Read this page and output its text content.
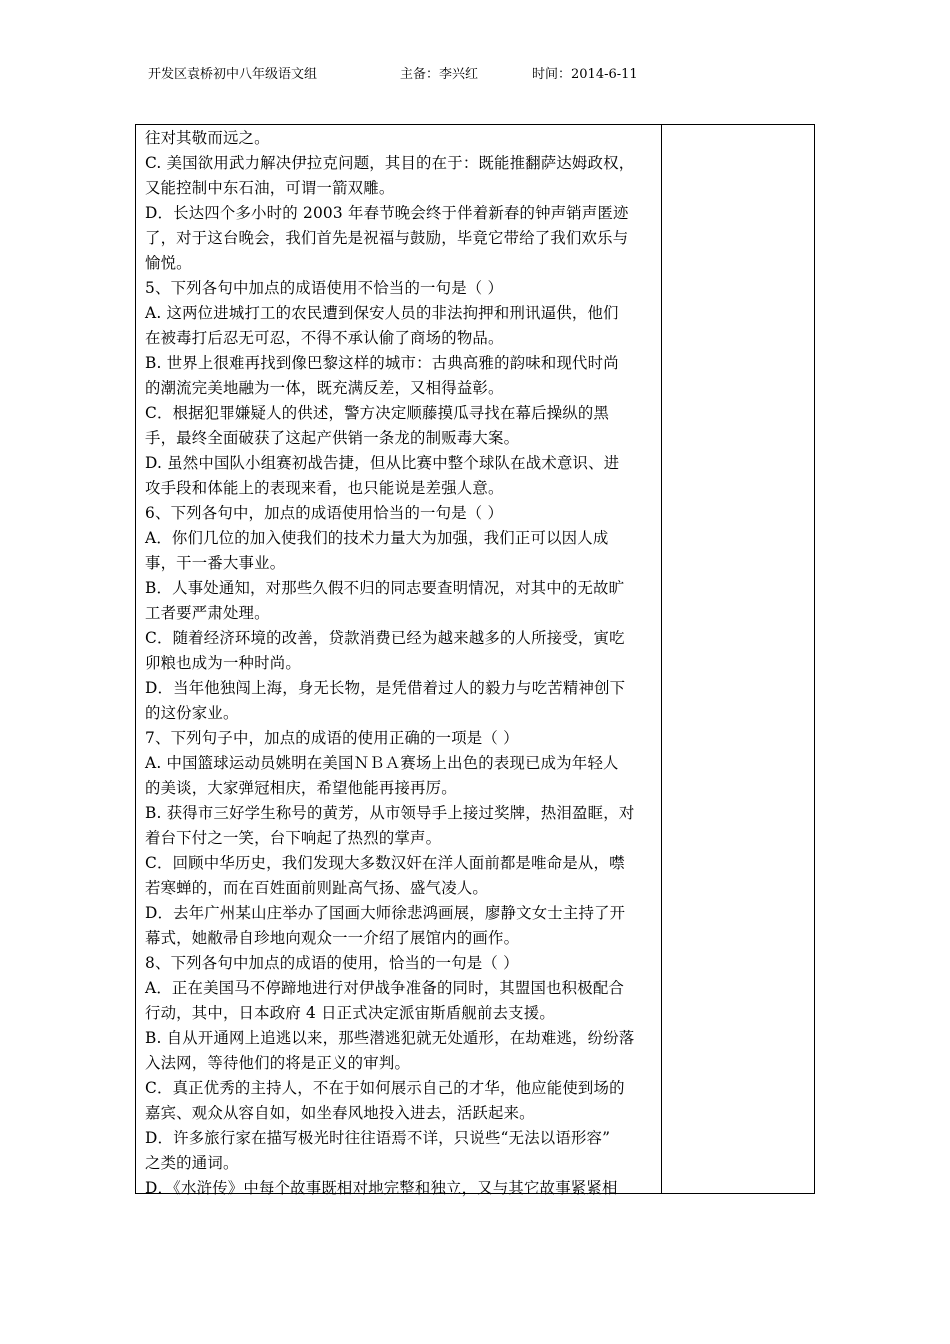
开发区袁桥初中八年级语文组	主备：李兴红	时间：2014-6-11

往对其敬而远之。

C. 美国欲用武力解决伊拉克问题，其目的在于：既能推翻萨达姆政权，

又能控制中东石油，可谓一箭双雕。

D．长达四个多小时的 2003 年春节晚会终于伴着新春的钟声销声匿迹

了，对于这台晚会，我们首先是祝福与鼓励，毕竟它带给了我们欢乐与

愉悦。

5、下列各句中加点的成语使用不恰当的一句是（ ）

A. 这两位进城打工的农民遭到保安人员的非法拘押和刑讯逼供，他们

在被毒打后忍无可忍，不得不承认偷了商场的物品。

B. 世界上很难再找到像巴黎这样的城市：古典高雅的韵味和现代时尚

的潮流完美地融为一体，既充满反差，又相得益彰。

C．根据犯罪嫌疑人的供述，警方决定顺藤摸瓜寻找在幕后操纵的黑

手，最终全面破获了这起产供销一条龙的制贩毒大案。

D. 虽然中国队小组赛初战告捷，但从比赛中整个球队在战术意识、进

攻手段和体能上的表现来看，也只能说是差强人意。

6、下列各句中，加点的成语使用恰当的一句是（ ）

A．你们几位的加入使我们的技术力量大为加强，我们正可以因人成

事，干一番大事业。

B．人事处通知，对那些久假不归的同志要查明情况，对其中的无故旷

工者要严肃处理。

C．随着经济环境的改善，贷款消费已经为越来越多的人所接受，寅吃

卯粮也成为一种时尚。

D．当年他独闯上海，身无长物，是凭借着过人的毅力与吃苦精神创下

的这份家业。

7、下列句子中，加点的成语的使用正确的一项是（ ）

A. 中国篮球运动员姚明在美国ＮＢＡ赛场上出色的表现已成为年轻人

的美谈，大家弹冠相庆，希望他能再接再厉。

B. 获得市三好学生称号的黄芳，从市领导手上接过奖牌，热泪盈眶，对

着台下付之一笑，台下响起了热烈的掌声。

C．回顾中华历史，我们发现大多数汉奸在洋人面前都是唯命是从，噤

若寒蝉的，而在百姓面前则趾高气扬、盛气凌人。

D．去年广州某山庄举办了国画大师徐悲鸿画展，廖静文女士主持了开

幕式，她敝帚自珍地向观众一一介绍了展馆内的画作。

8、下列各句中加点的成语的使用，恰当的一句是（ ）

A．正在美国马不停蹄地进行对伊战争准备的同时，其盟国也积极配合

行动，其中，日本政府 4 日正式决定派宙斯盾舰前去支援。

B. 自从开通网上追逃以来，那些潜逃犯就无处遁形，在劫难逃，纷纷落

入法网，等待他们的将是正义的审判。

C．真正优秀的主持人，不在于如何展示自己的才华，他应能使到场的

嘉宾、观众从容自如，如坐春风地投入进去，活跃起来。

D．许多旅行家在描写极光时往往语焉不详，只说些“无法以语形容”

之类的通词。

D．《水浒传》中每个故事既相对地完整和独立，又与其它故事紧紧相
